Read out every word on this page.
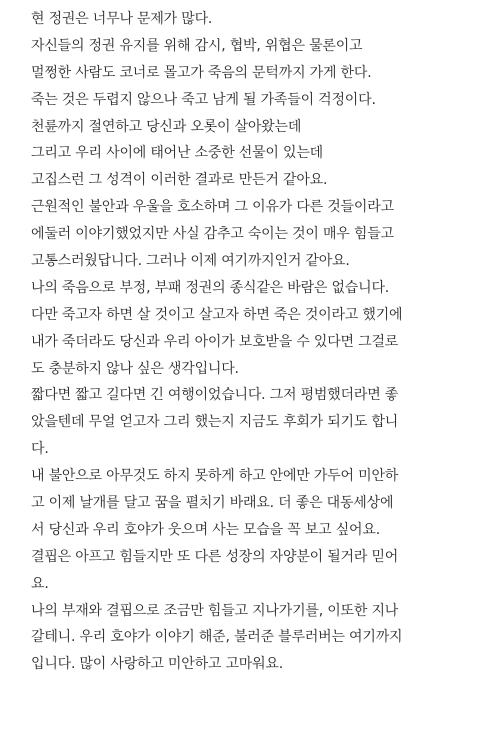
현 정권은 너무나 문제가 많다.
자신들의 정권 유지를 위해 감시, 협박, 위협은 물론이고
멀쩡한 사람도 코너로 몰고가 죽음의 문턱까지 가게 한다.
죽는 것은 두렵지 않으나 죽고 남게 될 가족들이 걱정이다.
천륜까지 절연하고 당신과 오롯이 살아왔는데
그리고 우리 사이에 태어난 소중한 선물이 있는데
고집스런 그 성격이 이러한 결과로 만든거 같아요.
근원적인 불안과 우울을 호소하며 그 이유가 다른 것들이라고
에둘러 이야기했었지만 사실 감추고 숙이는 것이 매우 힘들고
고통스러웠답니다. 그러나 이제 여기까지인거 같아요.
나의 죽음으로 부정, 부패 정권의 종식같은 바람은 없습니다.
다만 죽고자 하면 살 것이고 살고자 하면 죽은 것이라고 했기에
내가 죽더라도 당신과 우리 아이가 보호받을 수 있다면 그걸로
도 충분하지 않나 싶은 생각입니다.
짧다면 짧고 길다면 긴 여행이었습니다. 그저 평범했더라면 좋
았을텐데 무얼 얻고자 그리 했는지 지금도 후회가 되기도 합니
다.
내 불안으로 아무것도 하지 못하게 하고 안에만 가두어 미안하
고 이제 날개를 달고 꿈을 펼치기 바래요. 더 좋은 대동세상에
서 당신과 우리 호야가 웃으며 사는 모습을 꼭 보고 싶어요.
결핍은 아프고 힘들지만 또 다른 성장의 자양분이 될거라 믿어
요.
나의 부재와 결핍으로 조금만 힘들고 지나가기를, 이또한 지나
갈테니. 우리 호야가 이야기 해준, 불러준 블루러버는 여기까지
입니다. 많이 사랑하고 미안하고 고마워요.
